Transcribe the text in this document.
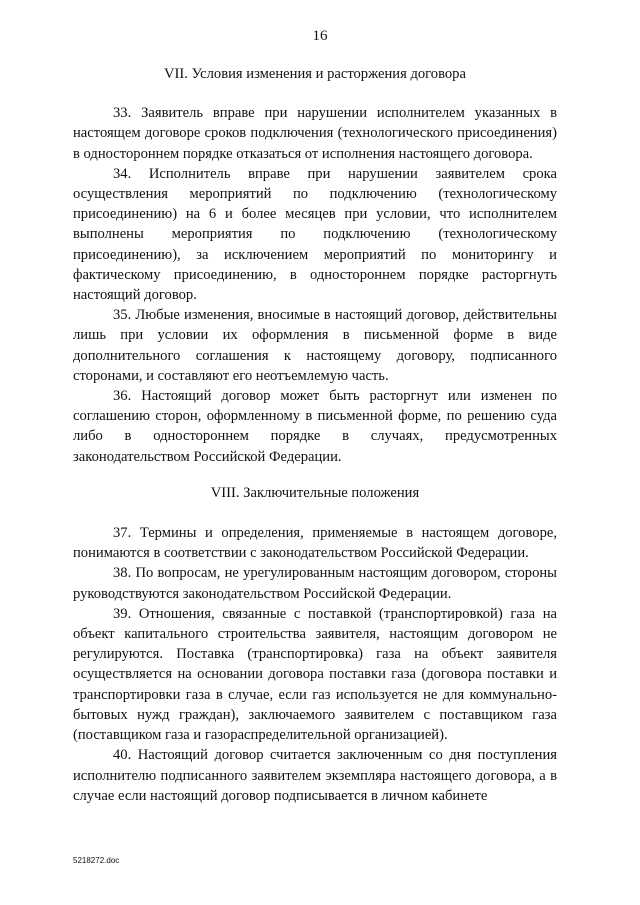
16
VII. Условия изменения и расторжения договора

33. Заявитель вправе при нарушении исполнителем указанных в настоящем договоре сроков подключения (технологического присоединения) в одностороннем порядке отказаться от исполнения настоящего договора.

34. Исполнитель вправе при нарушении заявителем срока осуществления мероприятий по подключению (технологическому присоединению) на 6 и более месяцев при условии, что исполнителем выполнены мероприятия по подключению (технологическому присоединению), за исключением мероприятий по мониторингу и фактическому присоединению, в одностороннем порядке расторгнуть настоящий договор.

35. Любые изменения, вносимые в настоящий договор, действительны лишь при условии их оформления в письменной форме в виде дополнительного соглашения к настоящему договору, подписанного сторонами, и составляют его неотъемлемую часть.

36. Настоящий договор может быть расторгнут или изменен по соглашению сторон, оформленному в письменной форме, по решению суда либо в одностороннем порядке в случаях, предусмотренных законодательством Российской Федерации.

VIII. Заключительные положения

37. Термины и определения, применяемые в настоящем договоре, понимаются в соответствии с законодательством Российской Федерации.

38. По вопросам, не урегулированным настоящим договором, стороны руководствуются законодательством Российской Федерации.

39. Отношения, связанные с поставкой (транспортировкой) газа на объект капитального строительства заявителя, настоящим договором не регулируются. Поставка (транспортировка) газа на объект заявителя осуществляется на основании договора поставки газа (договора поставки и транспортировки газа в случае, если газ используется не для коммунально-бытовых нужд граждан), заключаемого заявителем с поставщиком газа (поставщиком газа и газораспределительной организацией).

40. Настоящий договор считается заключенным со дня поступления исполнителю подписанного заявителем экземпляра настоящего договора, а в случае если настоящий договор подписывается в личном кабинете

5218272.doc
